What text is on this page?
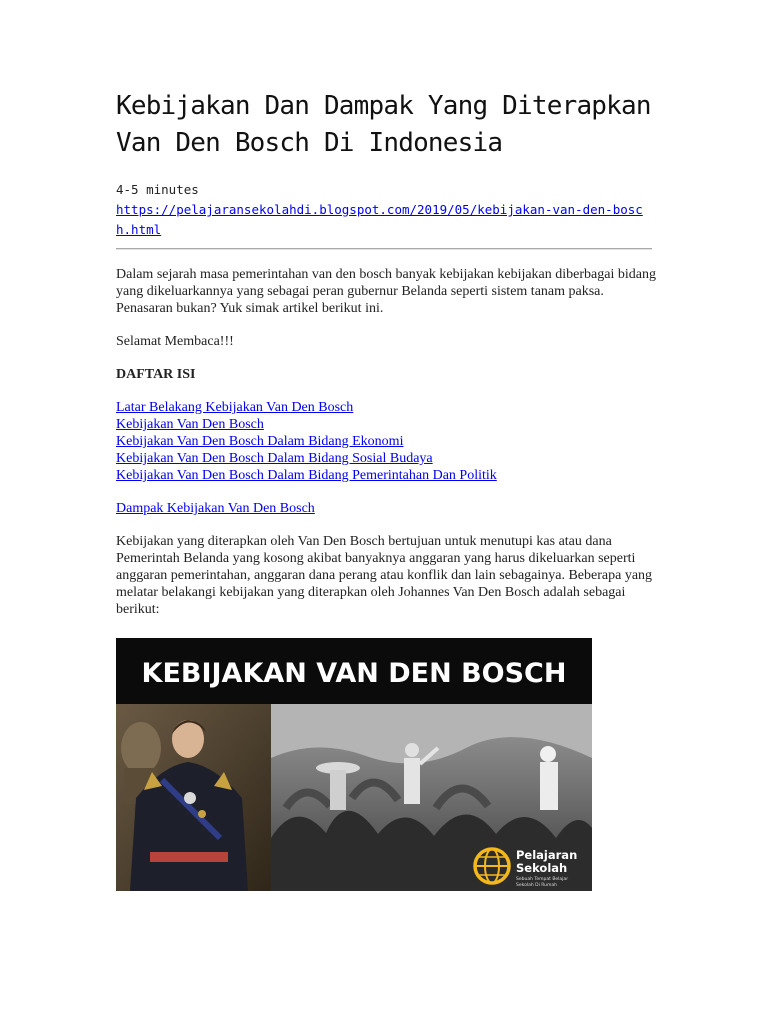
Kebijakan Dan Dampak Yang Diterapkan Van Den Bosch Di Indonesia
4-5 minutes
https://pelajaransekolahdi.blogspot.com/2019/05/kebijakan-van-den-bosch.html

Dalam sejarah masa pemerintahan van den bosch banyak kebijakan kebijakan diberbagai bidang yang dikeluarkannya yang sebagai peran gubernur Belanda seperti sistem tanam paksa. Penasaran bukan? Yuk simak artikel berikut ini.

Selamat Membaca!!!

DAFTAR ISI

Latar Belakang Kebijakan Van Den Bosch
Kebijakan Van Den Bosch
Kebijakan Van Den Bosch Dalam Bidang Ekonomi
Kebijakan Van Den Bosch Dalam Bidang Sosial Budaya
Kebijakan Van Den Bosch Dalam Bidang Pemerintahan Dan Politik

Dampak Kebijakan Van Den Bosch

Kebijakan yang diterapkan oleh Van Den Bosch bertujuan untuk menutupi kas atau dana Pemerintah Belanda yang kosong akibat banyaknya anggaran yang harus dikeluarkan seperti anggaran pemerintahan, anggaran dana perang atau konflik dan lain sebagainya. Beberapa yang melatar belakangi kebijakan yang diterapkan oleh Johannes Van Den Bosch adalah sebagai berikut:

KEBIJAKAN VAN DEN BOSCH
Pelajaran
Sekolah
Sebuah Tempat Belajar
Sekolah Di Rumah
